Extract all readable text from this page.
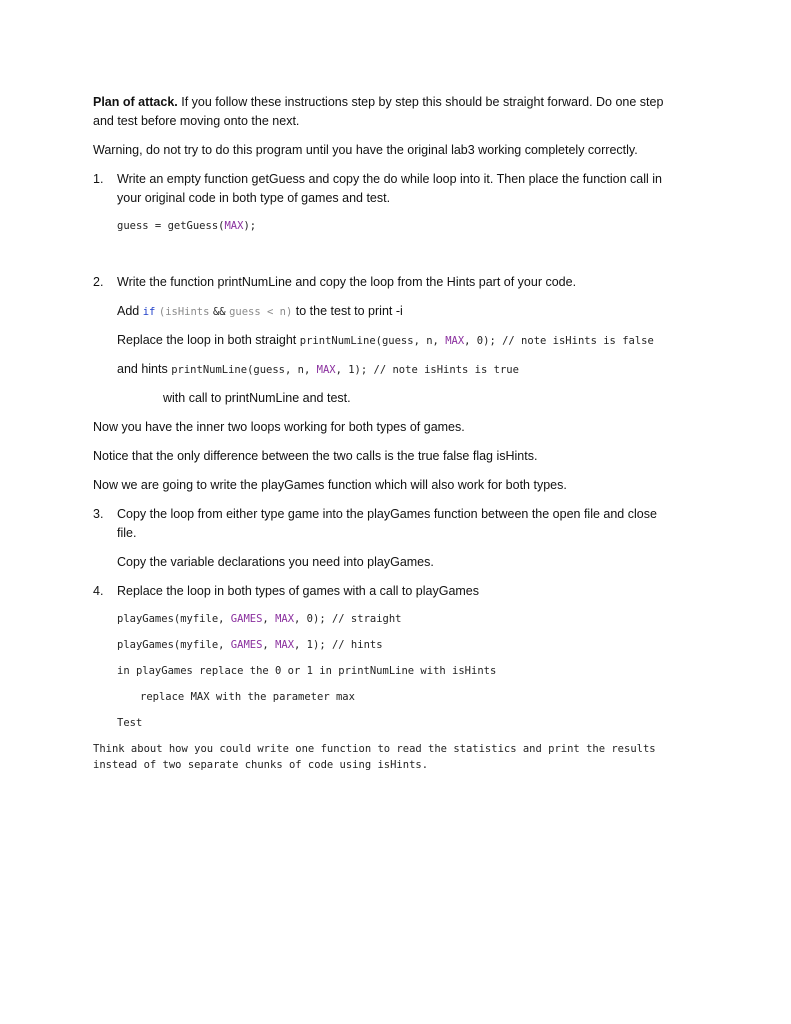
Plan of attack. If you follow these instructions step by step this should be straight forward. Do one step
and test before moving onto the next.
Warning, do not try to do this program until you have the original lab3 working completely correctly.
1. Write an empty function getGuess and copy the do while loop into it. Then place the function call in
your original code in both type of games and test.
guess = getGuess(MAX);
2. Write the function printNumLine and copy the loop from the Hints part of your code.
Add if (isHints && guess < n) to the test to print -i
Replace the loop in both straight printNumLine(guess, n, MAX, 0); // note isHints is false
and hints printNumLine(guess, n, MAX, 1); // note isHints is true
with call to printNumLine and test.
Now you have the inner two loops working for both types of games.
Notice that the only difference between the two calls is the true false flag isHints.
Now we are going to write the playGames function which will also work for both types.
3. Copy the loop from either type game into the playGames function between the open file and close
file.
Copy the variable declarations you need into playGames.
4. Replace the loop in both types of games with a call to playGames
playGames(myfile, GAMES, MAX, 0); // straight
playGames(myfile, GAMES, MAX, 1); // hints
in playGames replace the 0 or 1 in printNumLine with isHints
replace MAX with the parameter max
Test
Think about how you could write one function to read the statistics and print the results
instead of two separate chunks of code using isHints.
